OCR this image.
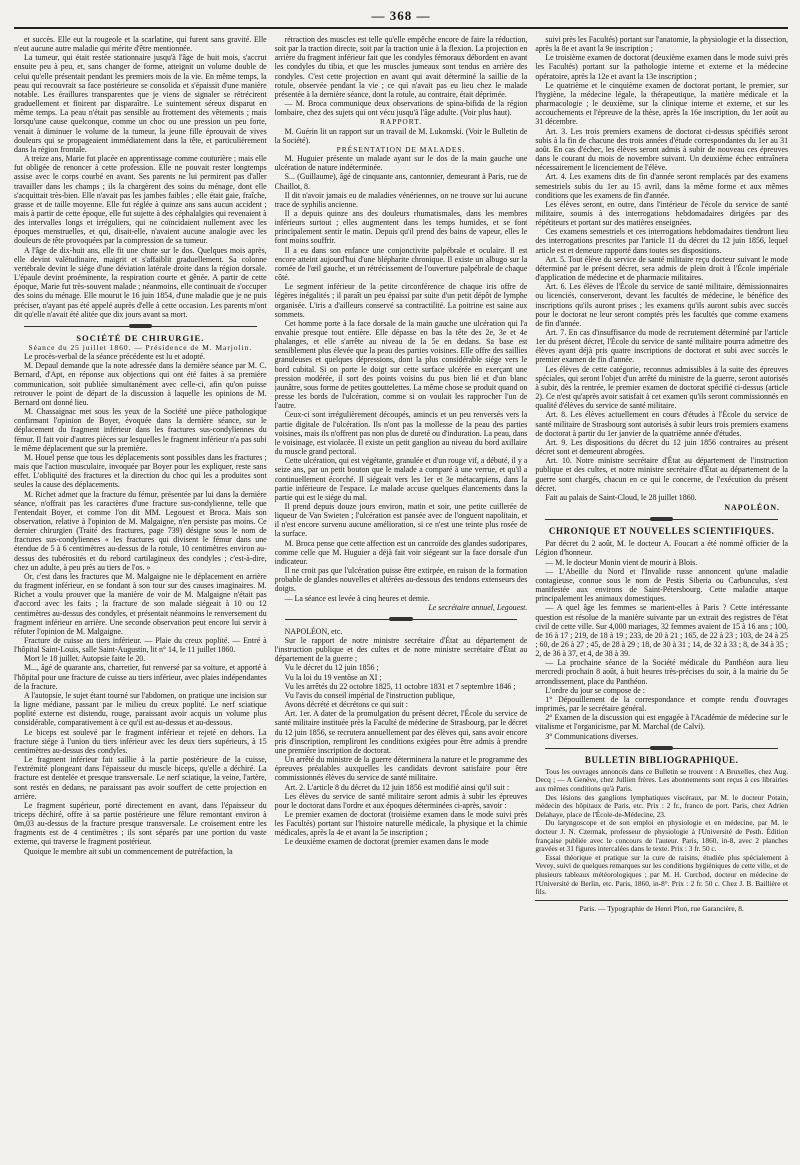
— 368 —

et succès. Elle eut la rougeole et la scarlatine, qui furent sans gravité. Elle n'eut aucune autre maladie qui mérite d'être mentionnée.

La tumeur, qui était restée stationnaire jusqu'à l'âge de huit mois, s'accrut ensuite peu à peu, et, sans changer de forme, atteignit un volume double de celui qu'elle présentait pendant les premiers mois de la vie. En même temps, la peau qui recouvrait sa face postérieure se consolida et s'épaissit d'une manière notable. Les éraillures transparentes que je viens de signaler se rétrécirent graduellement et finirent par disparaître. Le suintement séreux disparut en même temps. La peau n'était pas sensible au frottement des vêtements ; mais lorsqu'une cause quelconque, comme un choc ou une pression un peu forte, venait à diminuer le volume de la tumeur, la jeune fille éprouvait de vives douleurs qui se propageaient immédiatement dans la tête, et particulièrement dans la région frontale.

A treize ans, Marie fut placée en apprentissage comme couturière ; mais elle fut obligée de renoncer à cette profession. Elle ne pouvait rester longtemps assise avec le corps courbé en avant. Ses parents ne lui permirent pas d'aller travailler dans les champs ; ils la chargèrent des soins du ménage, dont elle s'acquittait très-bien. Elle n'avait pas les jambes faibles ; elle était gaie, fraîche, grasse et de taille moyenne. Elle fut réglée à quinze ans sans aucun accident ; mais à partir de cette époque, elle fut sujette à des céphalalgies qui revenaient à des intervalles longs et irréguliers, qui ne coïncidaient nullement avec les époques menstruelles, et qui, disait-elle, n'avaient aucune analogie avec les douleurs de tête provoquées par la compression de sa tumeur.

A l'âge de dix-huit ans, elle fit une chute sur le dos. Quelques mois après, elle devint valétudinaire, maigrit et s'affaiblit graduellement. Sa colonne vertébrale devint le siége d'une déviation latérale droite dans la région dorsale. L'épaule devint proéminente, la respiration courte et gênée. A partir de cette époque, Marie fut très-souvent malade ; néanmoins, elle continuait de s'occuper des soins du ménage. Elle mourut le 16 juin 1854, d'une maladie que je ne puis préciser, n'ayant pas été appelé auprès d'elle à cette occasion. Les parents m'ont dit qu'elle n'avait été alitée que dix jours avant sa mort.

SOCIÉTÉ DE CHIRURGIE.

Séance du 25 juillet 1860. — Présidence de M. Marjolin.

Le procès-verbal de la séance précédente est lu et adopté.

M. Depaul demande que la note adressée dans la dernière séance par M. C. Bernard, d'Apt, en réponse aux objections qui ont été faites à sa première communication, soit publiée simultanément avec celle-ci, afin qu'on puisse retrouver le point de départ de la discussion à laquelle les opinions de M. Bernard ont donné lieu.

M. Chassaignac met sous les yeux de la Société une pièce pathologique confirmant l'opinion de Boyer, évoquée dans la dernière séance, sur le déplacement du fragment inférieur dans les fractures sus-condyliennes du fémur. Il fait voir d'autres pièces sur lesquelles le fragment inférieur n'a pas subi le même déplacement que sur la première.

M. Houel pense que tous les déplacements sont possibles dans les fractures ; mais que l'action musculaire, invoquée par Boyer pour les expliquer, reste sans effet. L'obliquité des fractures et la direction du choc qui les a produites sont seules la cause des déplacements.

M. Richet admet que la fracture du fémur, présentée par lui dans la dernière séance, n'offrait pas les caractères d'une fracture sus-condylienne, telle que l'entendait Boyer, et comme l'on dit MM. Legouest et Broca. Mais son observation, relative à l'opinion de M. Malgaigne, n'en persiste pas moins. Ce dernier chirurgien (Traité des fractures, page 739) désigne sous le nom de fractures sus-condyliennes « les fractures qui divisent le fémur dans une étendue de 5 à 6 centimètres au-dessus de la rotule, 10 centimètres environ au-dessus des tubérosités et du rebord cartilagineux des condyles ; c'est-à-dire, chez un adulte, à peu près au tiers de l'os. »

Or, c'est dans les fractures que M. Malgaigne nie le déplacement en arrière du fragment inférieur, en se fondant à son tour sur des causes imaginaires. M. Richet a voulu prouver que la manière de voir de M. Malgaigne n'était pas d'accord avec les faits ; la fracture de son malade siégeait à 10 ou 12 centimètres au-dessus des condyles, et présentait néanmoins le renversement du fragment inférieur en arrière. Une seconde observation peut encore lui servir à réfuter l'opinion de M. Malgaigne.

Fracture de cuisse au tiers inférieur. — Plaie du creux poplité. — Entré à l'hôpital Saint-Louis, salle Saint-Augustin, lit n° 14, le 11 juillet 1860.

Mort le 18 juillet. Autopsie faite le 20.

M..., âgé de quarante ans, charretier, fut renversé par sa voiture, et apporté à l'hôpital pour une fracture de cuisse au tiers inférieur, avec plaies indépendantes de la fracture.

A l'autopsie, le sujet étant tourné sur l'abdomen, on pratique une incision sur la ligne médiane, passant par le milieu du creux poplité. Le nerf sciatique poplité externe est distendu, rouge, paraissant avoir acquis un volume plus considérable, comparativement à ce qu'il est au-dessus et au-dessous.

Le biceps est soulevé par le fragment inférieur et rejeté en dehors. La fracture siége à l'union du tiers inférieur avec les deux tiers supérieurs, à 15 centimètres au-dessus des condyles.

Le fragment inférieur fait saillie à la partie postérieure de la cuisse, l'extrémité plongeant dans l'épaisseur du muscle biceps, qu'elle a déchiré. La fracture est dentelée et presque transversale. Le nerf sciatique, la veine, l'artère, sont restés en dedans, ne paraissant pas avoir souffert de cette projection en arrière.

Le fragment supérieur, porté directement en avant, dans l'épaisseur du triceps déchiré, offre à sa partie postérieure une fêlure remontant environ à 0m,03 au-dessus de la fracture presque transversale. Le croisement entre les fragments est de 4 centimètres ; ils sont séparés par une portion du vaste externe, qui traverse le fragment postérieur.

Quoique le membre ait subi un commencement de putréfaction, la

rétraction des muscles est telle qu'elle empêche encore de faire la réduction, soit par la traction directe, soit par la traction unie à la flexion. La projection en arrière du fragment inférieur fait que les condyles fémoraux débordent en avant les condyles du tibia, et que les muscles jumeaux sont tendus en arrière des condyles. C'est cette projection en avant qui avait déterminé la saillie de la rotule, observée pendant la vie ; ce qui n'avait pas eu lieu chez le malade présentée à la dernière séance, dont la rotule, au contraire, était déprimée.

— M. Broca communique deux observations de spina-bifida de la région lombaire, chez des sujets qui ont vécu jusqu'à l'âge adulte. (Voir plus haut).

RAPPORT.

M. Guérin lit un rapport sur un travail de M. Lukomski. (Voir le Bulletin de la Société).

PRÉSENTATION DE MALADES.

M. Huguier présente un malade ayant sur le dos de la main gauche une ulcération de nature indéterminée.

S... (Guillaume), âgé de cinquante ans, cantonnier, demeurant à Paris, rue de Chaillot, 8.

Il dit n'avoir jamais eu de maladies vénériennes, on ne trouve sur lui aucune trace de syphilis ancienne.

Il a depuis quinze ans des douleurs rhumatismales, dans les membres inférieurs surtout ; elles augmentent dans les temps humides, et se font principalement sentir le matin. Depuis qu'il prend des bains de vapeur, elles le font moins souffrir.

Il a eu dans son enfance une conjonctivite palpébrale et oculaire. Il est encore atteint aujourd'hui d'une blépharite chronique. Il existe un albugo sur la cornée de l'œil gauche, et un rétrécissement de l'ouverture palpébrale de chaque côté.

Le segment inférieur de la petite circonférence de chaque iris offre de légères inégalités ; il paraît un peu épaissi par suite d'un petit dépôt de lymphe organisée. L'iris a d'ailleurs conservé sa contractilité. La poitrine est saine aux sommets.

Cet homme porte à la face dorsale de la main gauche une ulcération qui l'a envahie presque tout entière. Elle dépasse en bas la tête des 2e, 3e et 4e phalanges, et elle s'arrête au niveau de la 5e en dedans. Sa base est sensiblement plus élevée que la peau des parties voisines. Elle offre des saillies granuleuses et quelques dépressions, dont la plus considérable siége vers le bord cubital. Si on porte le doigt sur cette surface ulcérée en exerçant une pression modérée, il sort des points voisins du pus bien lié et d'un blanc jaunâtre, sous forme de petites gouttelettes. La même chose se produit quand on presse les bords de l'ulcération, comme si on voulait les rapprocher l'un de l'autre.

Ceux-ci sont irrégulièrement découpés, amincis et un peu renversés vers la partie digitale de l'ulcération. Ils n'ont pas la mollesse de la peau des parties voisines, mais ils n'offrent pas non plus de dureté ou d'induration. La peau, dans le voisinage, est violacée. Il existe un petit ganglion au niveau du bord axillaire du muscle grand pectoral.

Cette ulcération, qui est végétante, granulée et d'un rouge vif, a débuté, il y a seize ans, par un petit bouton que le malade a comparé à une verrue, et qu'il a continuellement écorché. Il siégeait vers les 1er et 3e métacarpiens, dans la partie inférieure de l'espace. Le malade accuse quelques élancements dans la partie qui est le siége du mal.

Il prend depuis douze jours environ, matin et soir, une petite cuillerée de liqueur de Van Swieten ; l'ulcération est pansée avec de l'onguent napolitain, et il n'est encore survenu aucune amélioration, si ce n'est une teinte plus rosée de la surface.

M. Broca pense que cette affection est un cancroïde des glandes sudoripares, comme celle que M. Huguier a déjà fait voir siégeant sur la face dorsale d'un indicateur.

Il ne croit pas que l'ulcération puisse être extirpée, en raison de la formation probable de glandes nouvelles et altérées au-dessous des tendons extenseurs des doigts.

— La séance est levée à cinq heures et demie.

Le secrétaire annuel, Legouest.

NAPOLÉON, etc.

Sur le rapport de notre ministre secrétaire d'État au département de l'instruction publique et des cultes et de notre ministre secrétaire d'État au département de la guerre ;

Vu le décret du 12 juin 1856 ;

Vu la loi du 19 ventôse an XI ;

Vu les arrêtés du 22 octobre 1825, 11 octobre 1831 et 7 septembre 1846 ;

Vu l'avis du conseil impérial de l'instruction publique,

Avons décrété et décrétons ce qui suit :

Art. 1er. A dater de la promulgation du présent décret, l'École du service de santé militaire instituée près la Faculté de médecine de Strasbourg, par le décret du 12 juin 1856, se recrutera annuellement par des élèves qui, sans avoir encore pris d'inscription, rempliront les conditions exigées pour être admis à prendre une première inscription de doctorat.

Un arrêté du ministre de la guerre déterminera la nature et le programme des épreuves préalables auxquelles les candidats devront satisfaire pour être commissionnés élèves du service de santé militaire.

Art. 2. L'article 8 du décret du 12 juin 1856 est modifié ainsi qu'il suit :

Les élèves du service de santé militaire seront admis à subir les épreuves pour le doctorat dans l'ordre et aux époques déterminées ci-après, savoir :

Le premier examen de doctorat (troisième examen dans le mode suivi près les Facultés) portant sur l'histoire naturelle médicale, la physique et la chimie médicales, après la 4e et avant la 5e inscription ;

Le deuxième examen de doctorat (premier examen dans le mode

suivi près les Facultés) portant sur l'anatomie, la physiologie et la dissection, après la 8e et avant la 9e inscription ;

Le troisième examen de doctorat (deuxième examen dans le mode suivi près les Facultés) portant sur la pathologie interne et externe et la médecine opératoire, après la 12e et avant la 13e inscription ;

Le quatrième et le cinquième examen de doctorat portant, le premier, sur l'hygiène, la médecine légale, la thérapeutique, la matière médicale et la pharmacologie ; le deuxième, sur la clinique interne et externe, et sur les accouchements et l'épreuve de la thèse, après la 16e inscription, du 1er août au 31 décembre.

Art. 3. Les trois premiers examens de doctorat ci-dessus spécifiés seront subis à la fin de chacune des trois années d'étude correspondantes du 1er au 31 août. En cas d'échec, les élèves seront admis à subir de nouveau ces épreuves dans le courant du mois de novembre suivant. Un deuxième échec entraînera nécessairement le licenciement de l'élève.

Art. 4. Les examens dits de fin d'année seront remplacés par des examens semestriels subis du 1er au 15 avril, dans la même forme et aux mêmes conditions que les examens de fin d'année.

Les élèves seront, en outre, dans l'intérieur de l'école du service de santé militaire, soumis à des interrogations hebdomadaires dirigées par des répétiteurs et portant sur des matières enseignées.

Ces examens semestriels et ces interrogations hebdomadaires tiendront lieu des interrogations prescrites par l'article 11 du décret du 12 juin 1856, lequel article est et demeure rapporté dans toutes ses dispositions.

Art. 5. Tout élève du service de santé militaire reçu docteur suivant le mode déterminé par le présent décret, sera admis de plein droit à l'École impériale d'application de médecine et de pharmacie militaires.

Art. 6. Les élèves de l'École du service de santé militaire, démissionnaires ou licenciés, conserveront, devant les facultés de médecine, le bénéfice des inscriptions qu'ils auront prises ; les examens qu'ils auront subis avec succès pour le doctorat ne leur seront comptés près les facultés que comme examens de fin d'année.

Art. 7. En cas d'insuffisance du mode de recrutement déterminé par l'article 1er du présent décret, l'École du service de santé militaire pourra admettre des élèves ayant déjà pris quatre inscriptions de doctorat et subi avec succès le premier examen de fin d'année.

Les élèves de cette catégorie, reconnus admissibles à la suite des épreuves spéciales, qui seront l'objet d'un arrêté du ministre de la guerre, seront autorisés à subir, dès la rentrée, le premier examen de doctorat spécifié ci-dessus (article 2). Ce n'est qu'après avoir satisfait à cet examen qu'ils seront commissionnés en qualité d'élèves du service de santé militaire.

Art. 8. Les élèves actuellement en cours d'études à l'École du service de santé militaire de Strasbourg sont autorisés à subir leurs trois premiers examens de doctorat à partir du 1er janvier de la quatrième année d'études.

Art. 9. Les dispositions du décret du 12 juin 1856 contraires au présent décret sont et demeurent abrogées.

Art. 10. Notre ministre secrétaire d'État au département de l'instruction publique et des cultes, et notre ministre secrétaire d'État au département de la guerre sont chargés, chacun en ce qui le concerne, de l'exécution du présent décret.

Fait au palais de Saint-Cloud, le 28 juillet 1860.

NAPOLÉON.
CHRONIQUE ET NOUVELLES SCIENTIFIQUES.

Par décret du 2 août, M. le docteur A. Foucart a été nommé officier de la Légion d'honneur.

— M. le docteur Monin vient de mourir à Blois.

— L'Abeille du Nord et l'Invalide russe annoncent qu'une maladie contagieuse, connue sous le nom de Pestis Siberia ou Carbunculus, s'est manifestée aux environs de Saint-Pétersbourg. Cette maladie attaque principalement les animaux domestiques.

— A quel âge les femmes se marient-elles à Paris ? Cette intéressante question est résolue de la manière suivante par un extrait des registres de l'état civil de cette ville. Sur 4,000 mariages, 32 femmes avaient de 15 à 16 ans ; 100, de 16 à 17 ; 219, de 18 à 19 ; 233, de 20 à 21 ; 165, de 22 à 23 ; 103, de 24 à 25 ; 60, de 26 à 27 ; 45, de 28 à 29 ; 18, de 30 à 31 ; 14, de 32 à 33 ; 8, de 34 à 35 ; 2, de 36 à 37, et 4, de 38 à 39.

— La prochaine séance de la Société médicale du Panthéon aura lieu mercredi prochain 8 août, à huit heures très-précises du soir, à la mairie du 5e arrondissement, place du Panthéon.

L'ordre du jour se compose de :

1° Dépouillement de la correspondance et compte rendu d'ouvrages imprimés, par le secrétaire général.

2° Examen de la discussion qui est engagée à l'Académie de médecine sur le vitalisme et l'organicisme, par M. Marchal (de Calvi).

3° Communications diverses.

BULLETIN BIBLIOGRAPHIQUE.

Tous les ouvrages annoncés dans ce Bulletin se trouvent : A Bruxelles, chez Aug. Decq ; — A Genève, chez Jullien frères. Les abonnements sont reçus à ces librairies aux mêmes conditions qu'à Paris.

Des lésions des ganglions lymphatiques viscéraux, par M. le docteur Potain, médecin des hôpitaux de Paris, etc. Prix : 2 fr., franco de port. Paris, chez Adrien Delahaye, place de l'École-de-Médecine, 23.

Du laryngoscope et de son emploi en physiologie et en médecine, par M. le docteur J. N. Czermak, professeur de physiologie à l'Université de Pesth. Édition française publiée avec le concours de l'auteur. Paris, 1860, in-8, avec 2 planches gravées et 31 figures intercalées dans le texte. Prix : 3 fr. 50 c.

Essai théorique et pratique sur la cure de raisins, étudiée plus spécialement à Vevey, suivi de quelques remarques sur les conditions hygiéniques de cette ville, et de plusieurs tableaux météorologiques ; par M. H. Curchod, docteur en médecine de l'Université de Berlin, etc. Paris, 1860, in-8°. Prix : 2 fr. 50 c. Chez J. B. Baillière et fils.

Paris. — Typographie de Henri Plon, rue Garancière, 8.
